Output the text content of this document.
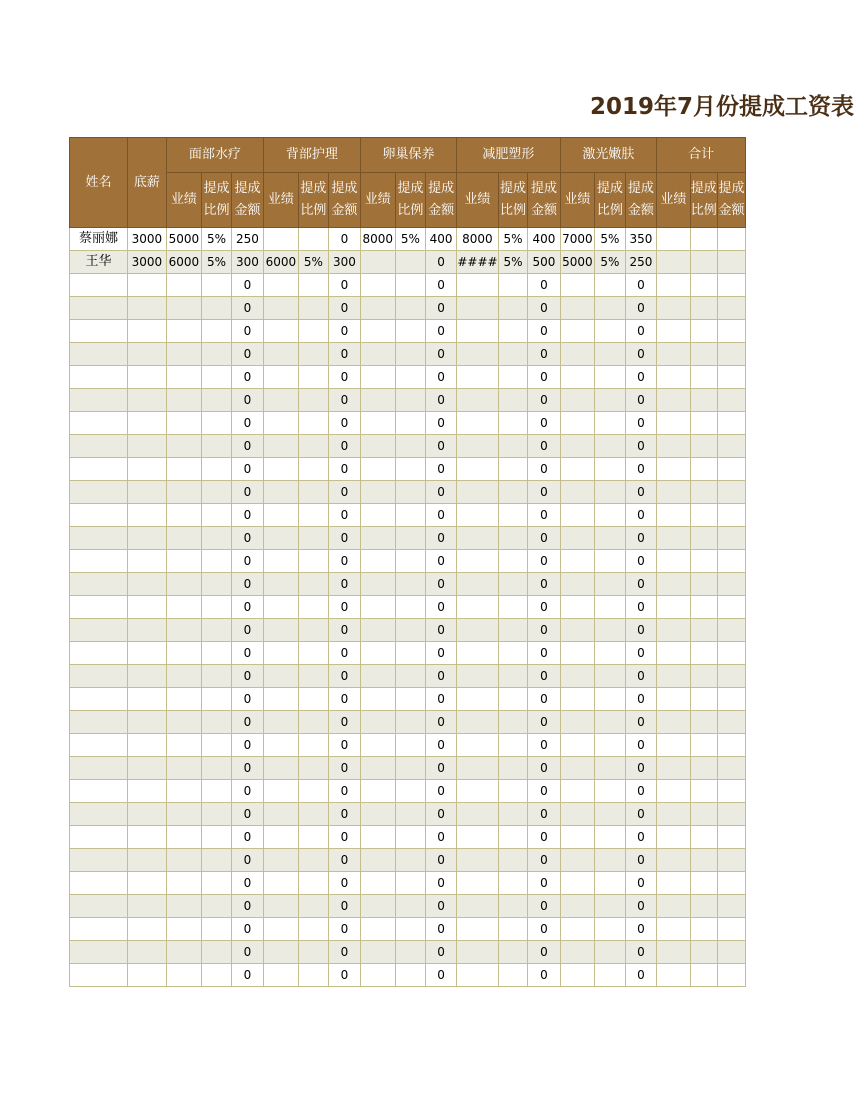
2019年7月份提成工资表
姓名	底薪	面部水疗			背部护理			卵巢保养			减肥塑形			激光嫩肤			合计		
		业绩	提成比例	提成金额	业绩	提成比例	提成金额	业绩	提成比例	提成金额	业绩	提成比例	提成金额	业绩	提成比例	提成金额	业绩	提成比例	提成金额
蔡丽娜	3000	5000	5%	250			0	8000	5%	400	8000	5%	400	7000	5%	350			
王华	3000	6000	5%	300	6000	5%	300			0	####	5%	500	5000	5%	250			
				0			0			0			0			0			
				0			0			0			0			0			
				0			0			0			0			0			
				0			0			0			0			0			
				0			0			0			0			0			
				0			0			0			0			0			
				0			0			0			0			0			
				0			0			0			0			0			
				0			0			0			0			0			
				0			0			0			0			0			
				0			0			0			0			0			
				0			0			0			0			0			
				0			0			0			0			0			
				0			0			0			0			0			
				0			0			0			0			0			
				0			0			0			0			0			
				0			0			0			0			0			
				0			0			0			0			0			
				0			0			0			0			0			
				0			0			0			0			0			
				0			0			0			0			0			
				0			0			0			0			0			
				0			0			0			0			0			
				0			0			0			0			0			
				0			0			0			0			0			
				0			0			0			0			0			
				0			0			0			0			0			
				0			0			0			0			0			
				0			0			0			0			0			
				0			0			0			0			0			
				0			0			0			0			0			
